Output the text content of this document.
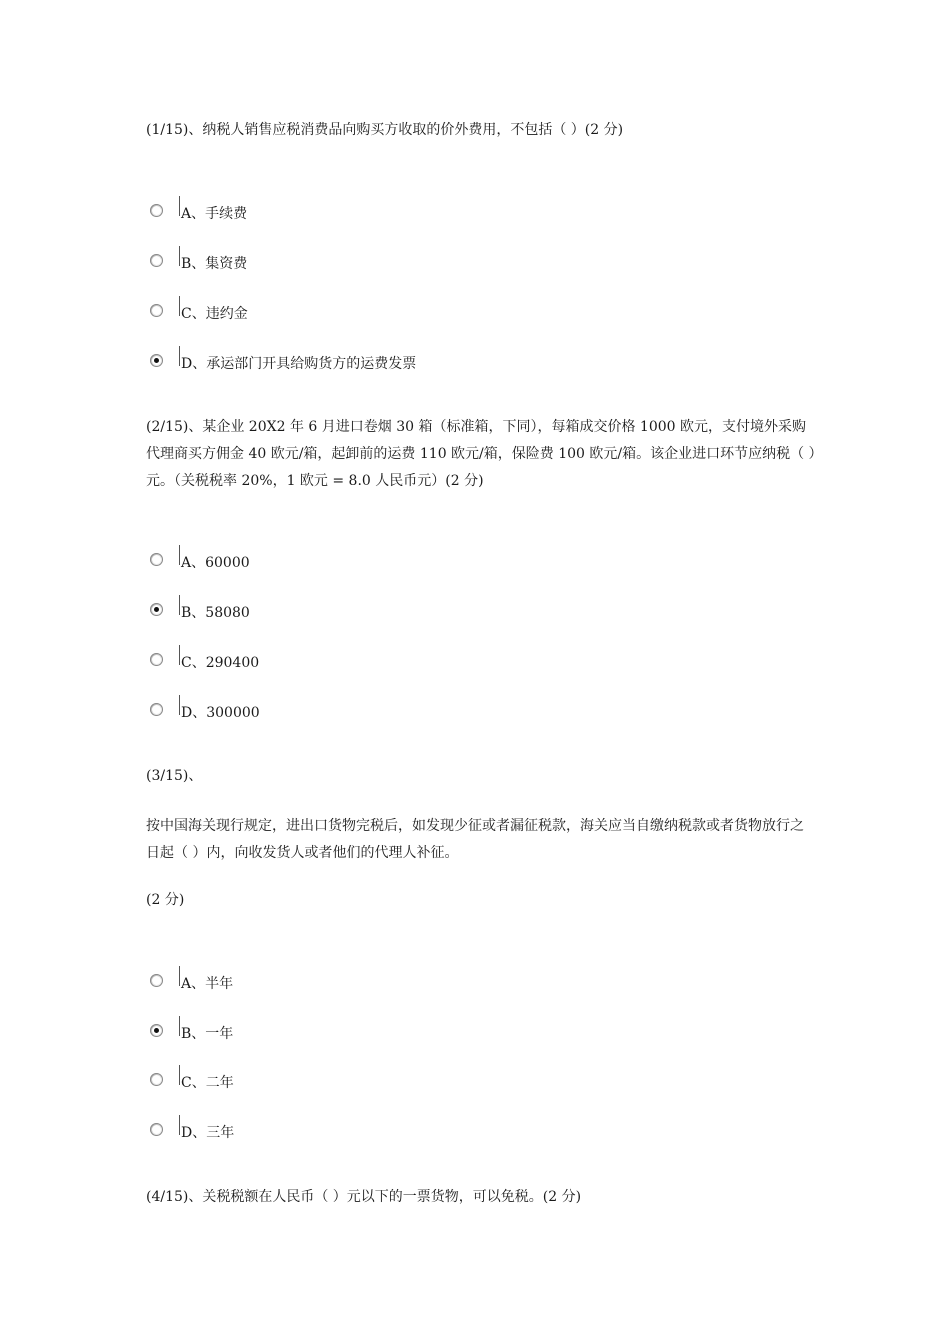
(1/15)、纳税人销售应税消费品向购买方收取的价外费用，不包括（ ）(2 分)
A、手续费
B、集资费
C、违约金
D、承运部门开具给购货方的运费发票
(2/15)、某企业 20X2 年 6 月进口卷烟 30 箱（标准箱，下同），每箱成交价格 1000 欧元，支付境外采购代理商买方佣金 40 欧元/箱，起卸前的运费 110 欧元/箱，保险费 100 欧元/箱。该企业进口环节应纳税（ ）元。（关税税率 20%，1 欧元 = 8.0 人民币元）(2 分)
A、60000
B、58080
C、290400
D、300000
(3/15)、
按中国海关现行规定，进出口货物完税后，如发现少征或者漏征税款，海关应当自缴纳税款或者货物放行之日起（ ）内，向收发货人或者他们的代理人补征。
(2 分)
A、半年
B、一年
C、二年
D、三年
(4/15)、关税税额在人民币（ ）元以下的一票货物，可以免税。(2 分)
